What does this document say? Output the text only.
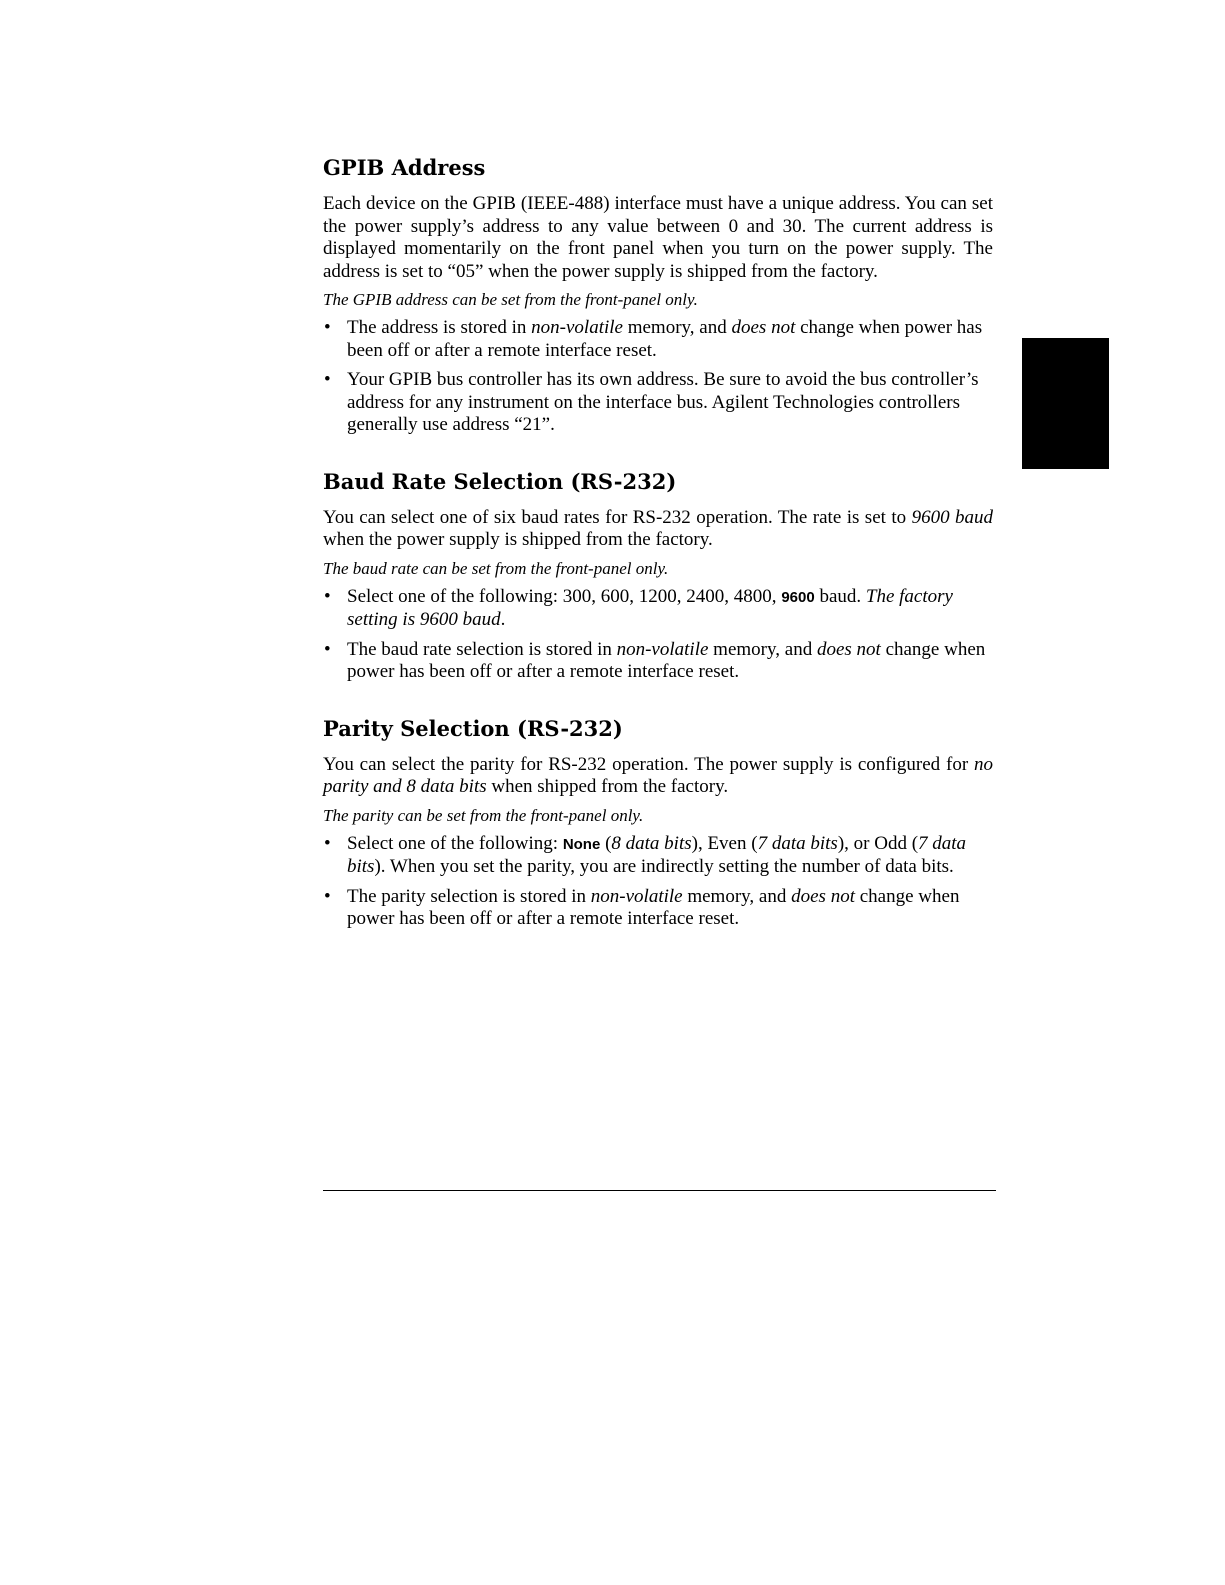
GPIB Address

Each device on the GPIB (IEEE-488) interface must have a unique address. You can set the power supply’s address to any value between 0 and 30. The current address is displayed momentarily on the front panel when you turn on the power supply. The address is set to “05” when the power supply is shipped from the factory.

The GPIB address can be set from the front-panel only.

• The address is stored in non-volatile memory, and does not change when power has been off or after a remote interface reset.
• Your GPIB bus controller has its own address. Be sure to avoid the bus controller’s address for any instrument on the interface bus. Agilent Technologies controllers generally use address “21”.
Baud Rate Selection (RS-232)

You can select one of six baud rates for RS-232 operation. The rate is set to 9600 baud when the power supply is shipped from the factory.

The baud rate can be set from the front-panel only.

• Select one of the following: 300, 600, 1200, 2400, 4800, 9600 baud. The factory setting is 9600 baud.
• The baud rate selection is stored in non-volatile memory, and does not change when power has been off or after a remote interface reset.
Parity Selection (RS-232)

You can select the parity for RS-232 operation. The power supply is configured for no parity and 8 data bits when shipped from the factory.

The parity can be set from the front-panel only.

• Select one of the following: None (8 data bits), Even (7 data bits), or Odd (7 data bits). When you set the parity, you are indirectly setting the number of data bits.
• The parity selection is stored in non-volatile memory, and does not change when power has been off or after a remote interface reset.
